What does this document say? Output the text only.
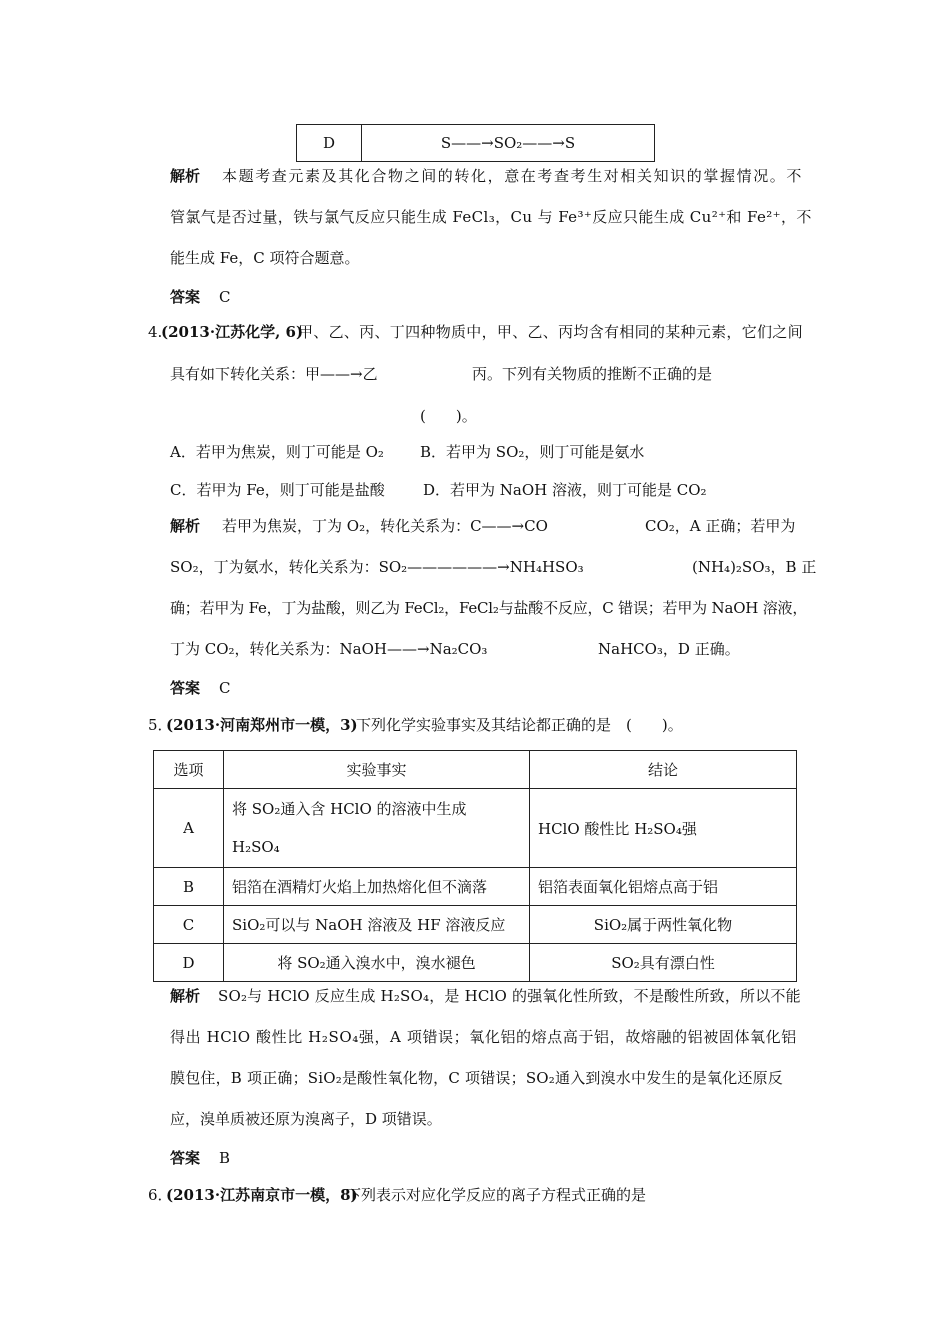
D	S——→SO₂——→S
解析 本题考查元素及其化合物之间的转化，意在考查考生对相关知识的掌握情况。不
管氯气是否过量，铁与氯气反应只能生成 FeCl₃，Cu 与 Fe³⁺反应只能生成 Cu²⁺和 Fe²⁺，不
能生成 Fe，C 项符合题意。
答案 C
4.
(2013·江苏化学, 6)
甲、乙、丙、丁四种物质中，甲、乙、丙均含有相同的某种元素，它们之间
具有如下转化关系：甲——→乙	丙。下列有关物质的推断不正确的是
(　　)。
A．若甲为焦炭，则丁可能是 O₂ B．若甲为 SO₂，则丁可能是氨水
C．若甲为 Fe，则丁可能是盐酸	D．若甲为 NaOH 溶液，则丁可能是 CO₂
解析 若甲为焦炭，丁为 O₂，转化关系为：C——→CO	CO₂，A 正确；若甲为
SO₂，丁为氨水，转化关系为：SO₂——————→NH₄HSO₃	(NH₄)₂SO₃，B 正
确；若甲为 Fe，丁为盐酸，则乙为 FeCl₂，FeCl₂与盐酸不反应，C 错误；若甲为 NaOH 溶液，
丁为 CO₂，转化关系为：NaOH——→Na₂CO₃	NaHCO₃，D 正确。
答案 C
5．
(2013·河南郑州市一模，3)
下列化学实验事实及其结论都正确的是　(　　)。
选项	实验事实	结论
A	将 SO₂通入含 HClO 的溶液中生成
H₂SO₄	HClO 酸性比 H₂SO₄强
B	铝箔在酒精灯火焰上加热熔化但不滴落	铝箔表面氧化铝熔点高于铝
C	SiO₂可以与 NaOH 溶液及 HF 溶液反应	SiO₂属于两性氧化物
D	将 SO₂通入溴水中，溴水褪色	SO₂具有漂白性
解析 SO₂与 HClO 反应生成 H₂SO₄，是 HClO 的强氧化性所致，不是酸性所致，所以不能
得出 HClO 酸性比 H₂SO₄强，A 项错误；氧化铝的熔点高于铝，故熔融的铝被固体氧化铝
膜包住，B 项正确；SiO₂是酸性氧化物，C 项错误；SO₂通入到溴水中发生的是氧化还原反
应，溴单质被还原为溴离子，D 项错误。
答案 B
6．
(2013·江苏南京市一模，8)
下列表示对应化学反应的离子方程式正确的是
